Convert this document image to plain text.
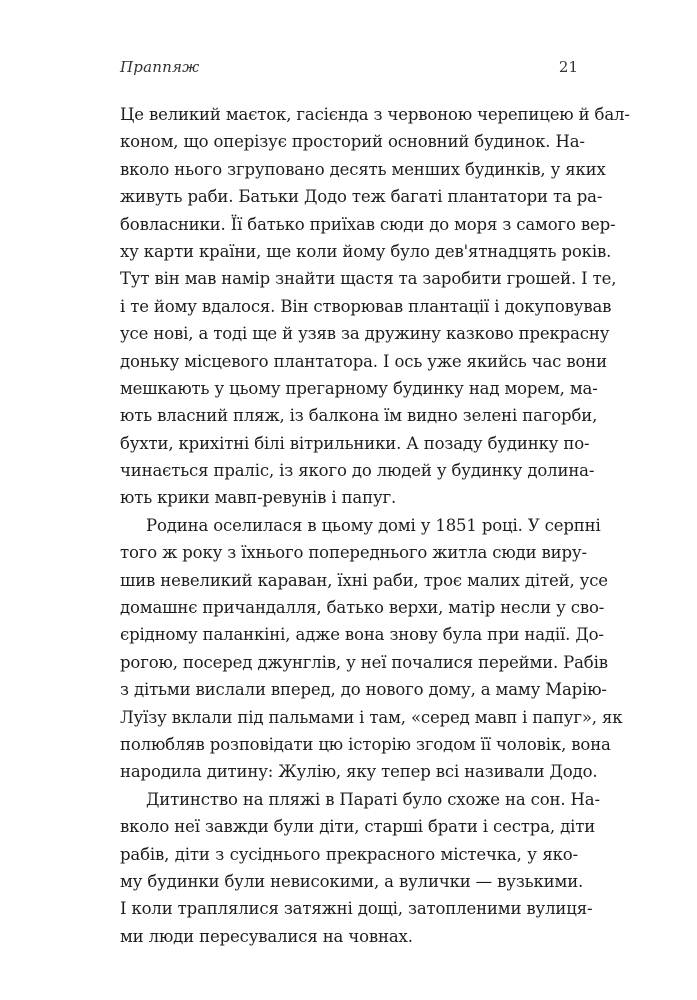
Праппяж	21
Це великий маєток, гасієнда з червоною черепицею й бал-
коном, що оперізує просторий основний будинок. На-
вколо нього згруповано десять менших будинків, у яких
живуть раби. Батьки Додо теж багаті плантатори та ра-
бовласники. Її батько приїхав сюди до моря з самого вер-
ху карти країни, ще коли йому було дев'ятнадцять років.
Тут він мав намір знайти щастя та заробити грошей. І те,
і те йому вдалося. Він створював плантації і докуповував
усе нові, а тоді ще й узяв за дружину казково прекрасну
доньку місцевого плантатора. І ось уже якийсь час вони
мешкають у цьому прегарному будинку над морем, ма-
ють власний пляж, із балкона їм видно зелені пагорби,
бухти, крихітні білі вітрильники. А позаду будинку по-
чинається праліс, із якого до людей у будинку долина-
ють крики мавп-ревунів і папуг.
Родина оселилася в цьому домі у 1851 році. У серпні
того ж року з їхнього попереднього житла сюди виру-
шив невеликий караван, їхні раби, троє малих дітей, усе
домашнє причандалля, батько верхи, матір несли у сво-
єрідному паланкіні, адже вона знову була при надії. До-
рогою, посеред джунглів, у неї почалися перейми. Рабів
з дітьми вислали вперед, до нового дому, а маму Марію-
Луїзу вклали під пальмами і там, «серед мавп і папуг», як
полюбляв розповідати цю історію згодом її чоловік, вона
народила дитину: Жулію, яку тепер всі називали Додо.
Дитинство на пляжі в Параті було схоже на сон. На-
вколо неї завжди були діти, старші брати і сестра, діти
рабів, діти з сусіднього прекрасного містечка, у яко-
му будинки були невисокими, а вулички — вузькими.
І коли траплялися затяжні дощі, затопленими вулиця-
ми люди пересувалися на човнах.
